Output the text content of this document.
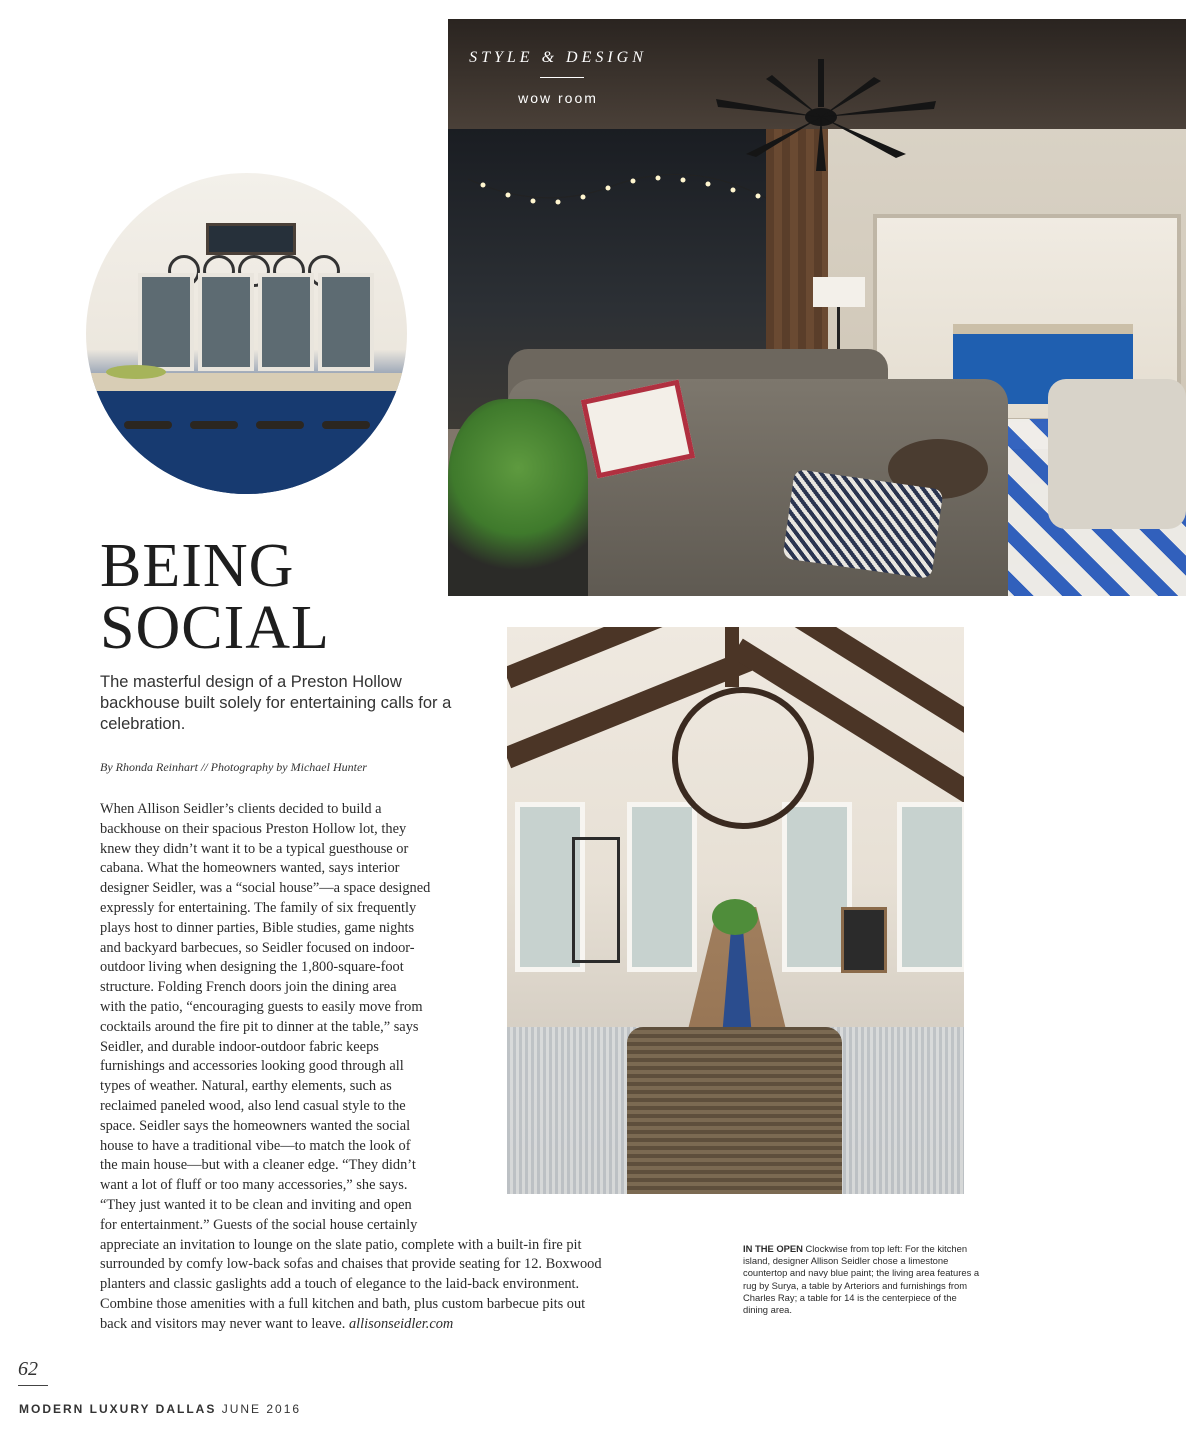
STYLE & DESIGN
wow room
BEING
SOCIAL
The masterful design of a Preston Hollow backhouse built solely for entertaining calls for a celebration.
By Rhonda Reinhart // Photography by Michael Hunter
When Allison Seidler’s clients decided to build a
backhouse on their spacious Preston Hollow lot, they
knew they didn’t want it to be a typical guesthouse or
cabana. What the homeowners wanted, says interior
designer Seidler, was a “social house”—a space designed
expressly for entertaining. The family of six frequently
plays host to dinner parties, Bible studies, game nights
and backyard barbecues, so Seidler focused on indoor-
outdoor living when designing the 1,800-square-foot
structure. Folding French doors join the dining area
with the patio, “encouraging guests to easily move from
cocktails around the fire pit to dinner at the table,” says
Seidler, and durable indoor-outdoor fabric keeps
furnishings and accessories looking good through all
types of weather. Natural, earthy elements, such as
reclaimed paneled wood, also lend casual style to the
space. Seidler says the homeowners wanted the social
house to have a traditional vibe—to match the look of
the main house—but with a cleaner edge. “They didn’t
want a lot of fluff or too many accessories,” she says.
“They just wanted it to be clean and inviting and open
for entertainment.” Guests of the social house certainly
appreciate an invitation to lounge on the slate patio, complete with a built-in fire pit
surrounded by comfy low-back sofas and chaises that provide seating for 12. Boxwood
planters and classic gaslights add a touch of elegance to the laid-back environment.
Combine those amenities with a full kitchen and bath, plus custom barbecue pits out
back and visitors may never want to leave. allisonseidler.com
IN THE OPEN Clockwise from top left: For the kitchen island, designer Allison Seidler chose a limestone countertop and navy blue paint; the living area features a rug by Surya, a table by Arteriors and furnishings from Charles Ray; a table for 14 is the centerpiece of the dining area.
62
MODERN LUXURY DALLAS JUNE 2016
